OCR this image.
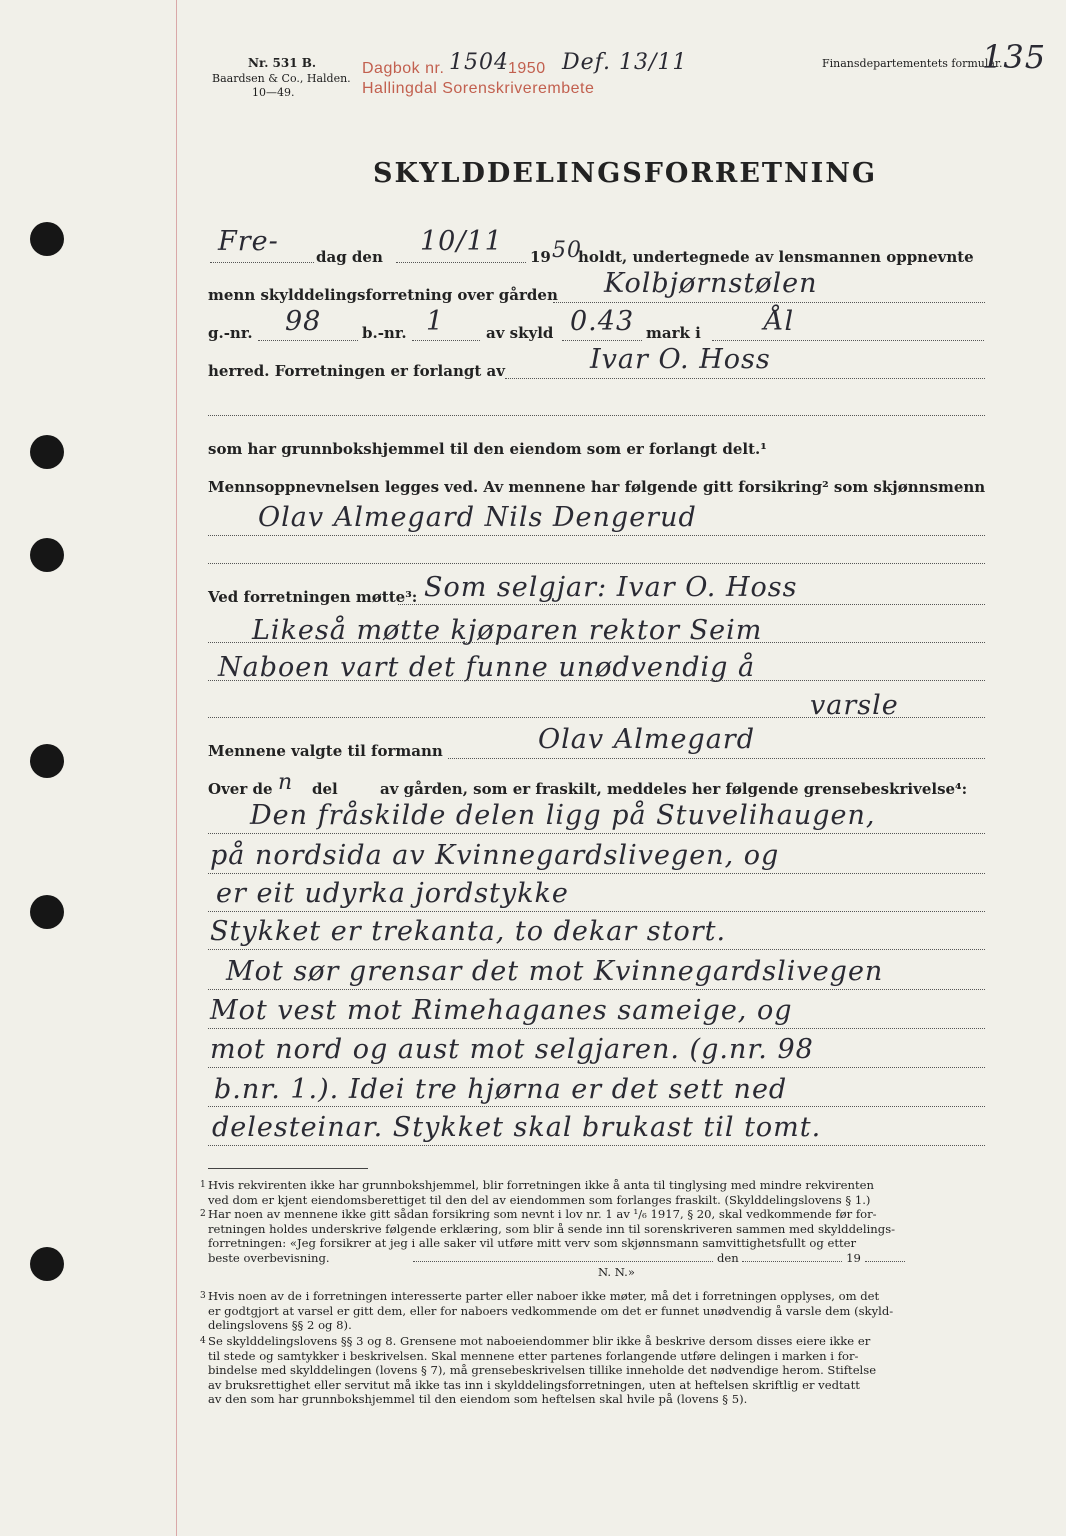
Nr. 531 B.
Baardsen & Co., Halden.
10—49.
Dagbok nr. 1504 1950 Def. 13/11
Hallingdal Sorenskriverembete
Finansdepartementets formular.
135
SKYLDDELINGSFORRETNING
Fre- dag den 10/11 19 50
holdt, undertegnede av lensmannen oppnevnte
menn skylddelingsforretning over gården Kolbjørnstølen
g.-nr. 98	b.-nr. 1	av skyld 0.43 mark i Ål
herred. Forretningen er forlangt av	Ivar O. Hoss
som har grunnbokshjemmel til den eiendom som er forlangt delt.¹
Mennsoppnevnelsen legges ved. Av mennene har følgende gitt forsikring² som skjønnsmenn
Olav Almegard Nils Dengerud
Ved forretningen møtte³: Som selgjar: Ivar O. Hoss
Likeså møtte kjøparen rektor Seim
Naboen vart det funne unødvendig å
varsle
Mennene valgte til formann	Olav Almegard
Over de n del	av gården, som er fraskilt, meddeles her følgende grensebeskrivelse⁴:
Den fråskilde delen ligg på Stuvelihaugen,
på nordsida av Kvinnegardslivegen, og
er eit udyrka jordstykke
Stykket er trekanta, to dekar stort.
Mot sør grensar det mot Kvinnegardslivegen
Mot vest mot Rimehaganes sameige, og
mot nord og aust mot selgjaren. (g.nr. 98
b.nr. 1.). Idei tre hjørna er det sett ned
delesteinar. Stykket skal brukast til tomt.
1 Hvis rekvirenten ikke har grunnbokshjemmel, blir forretningen ikke å anta til tinglysing med mindre rekvirenten
ved dom er kjent eiendomsberettiget til den del av eiendommen som forlanges fraskilt. (Skylddelingslovens § 1.)
2 Har noen av mennene ikke gitt sådan forsikring som nevnt i lov nr. 1 av ¹/₆ 1917, § 20, skal vedkommende før for-
retningen holdes underskrive følgende erklæring, som blir å sende inn til sorenskriveren sammen med skylddelings-
forretningen: «Jeg forsikrer at jeg i alle saker vil utføre mitt verv som skjønnsmann samvittighetsfullt og etter
beste overbevisning.	den	19
N. N.»
3 Hvis noen av de i forretningen interesserte parter eller naboer ikke møter, må det i forretningen opplyses, om det
er godtgjort at varsel er gitt dem, eller for naboers vedkommende om det er funnet unødvendig å varsle dem (skyld-
delingslovens §§ 2 og 8).
4 Se skylddelingslovens §§ 3 og 8. Grensene mot naboeiendommer blir ikke å beskrive dersom disses eiere ikke er
til stede og samtykker i beskrivelsen. Skal mennene etter partenes forlangende utføre delingen i marken i for-
bindelse med skylddelingen (lovens § 7), må grensebeskrivelsen tillike inneholde det nødvendige herom. Stiftelse
av bruksrettighet eller servitut må ikke tas inn i skylddelingsforretningen, uten at heftelsen skriftlig er vedtatt
av den som har grunnbokshjemmel til den eiendom som heftelsen skal hvile på (lovens § 5).
